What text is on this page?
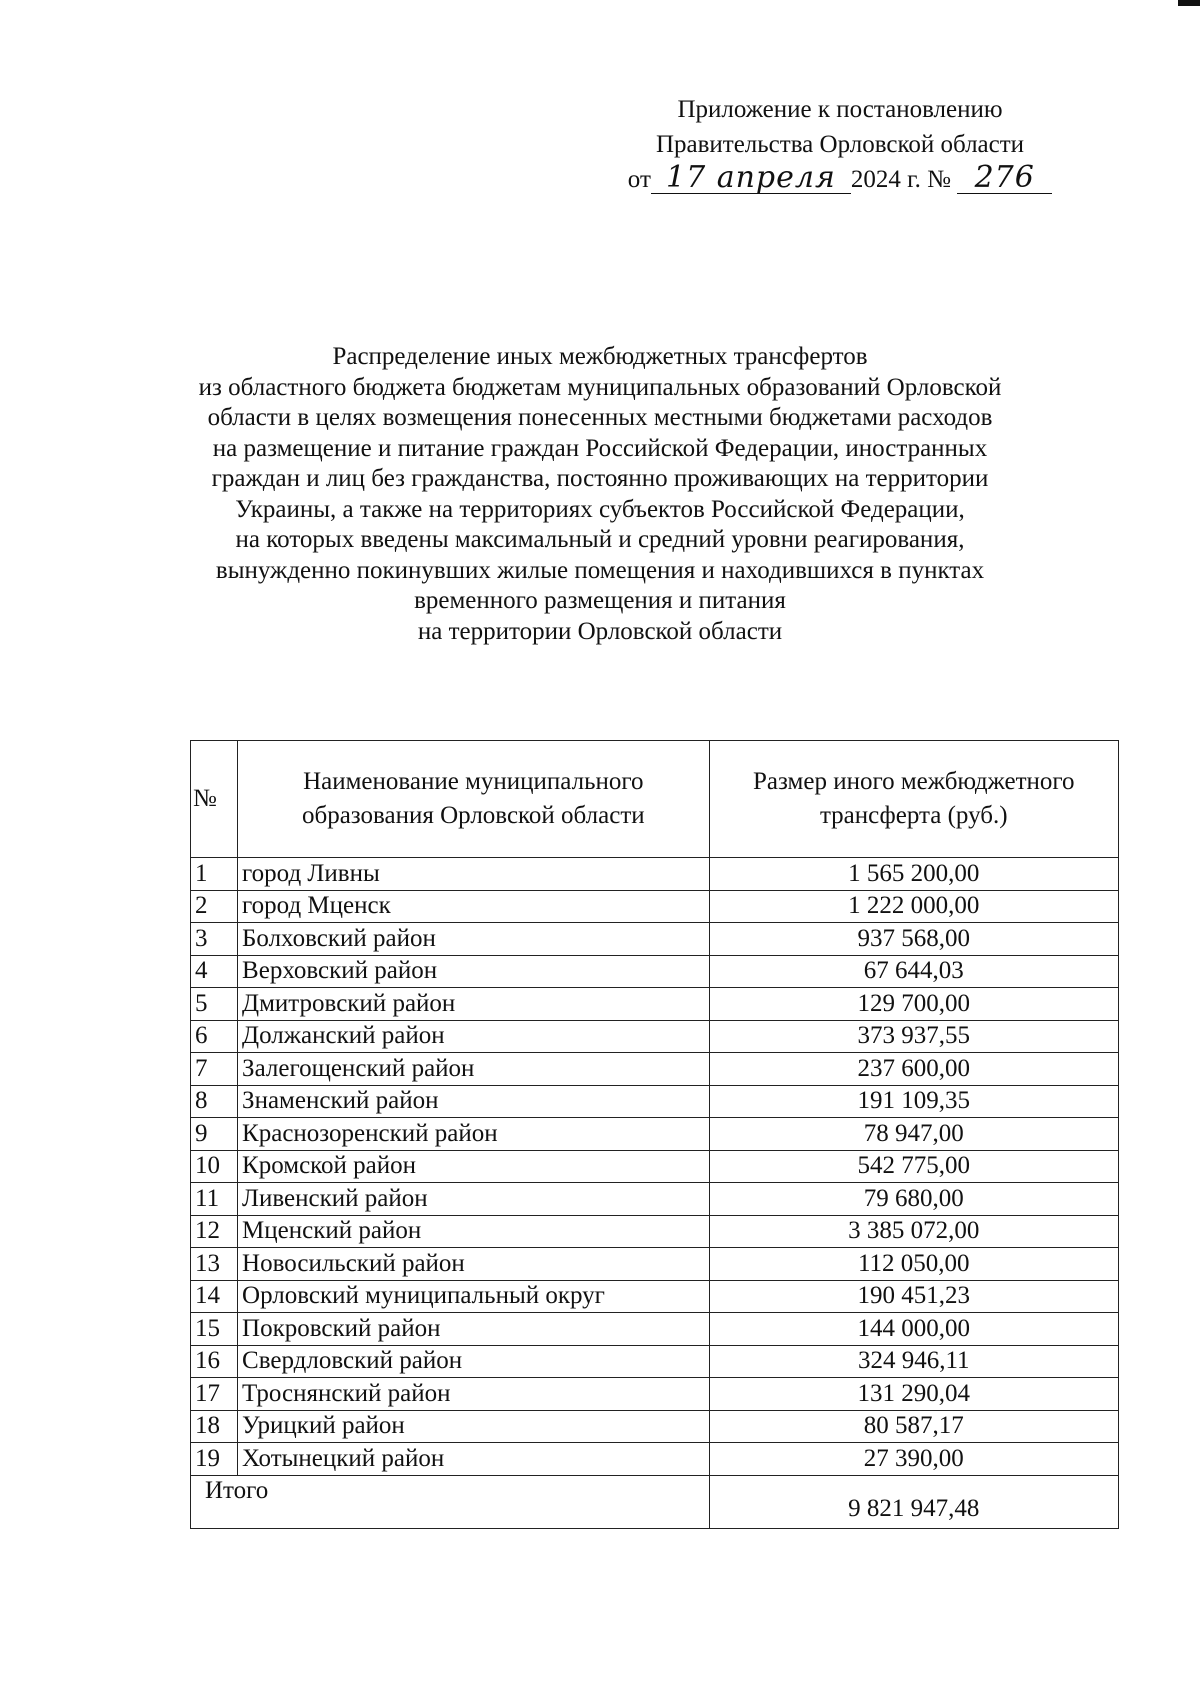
Приложение к постановлению
Правительства Орловской области
от 17 апреля 2024 г. № 276
Распределение иных межбюджетных трансфертов
из областного бюджета бюджетам муниципальных образований Орловской
области в целях возмещения понесенных местными бюджетами расходов
на размещение и питание граждан Российской Федерации, иностранных
граждан и лиц без гражданства, постоянно проживающих на территории
Украины, а также на территориях субъектов Российской Федерации,
на которых введены максимальный и средний уровни реагирования,
вынужденно покинувших жилые помещения и находившихся в пунктах
временного размещения и питания
на территории Орловской области
№	Наименование муниципального образования Орловской области	Размер иного межбюджетного трансферта (руб.)
1	город Ливны	1 565 200,00
2	город Мценск	1 222 000,00
3	Болховский район	937 568,00
4	Верховский район	67 644,03
5	Дмитровский район	129 700,00
6	Должанский район	373 937,55
7	Залегощенский район	237 600,00
8	Знаменский район	191 109,35
9	Краснозоренский район	78 947,00
10	Кромской район	542 775,00
11	Ливенский район	79 680,00
12	Мценский район	3 385 072,00
13	Новосильский район	112 050,00
14	Орловский муниципальный округ	190 451,23
15	Покровский район	144 000,00
16	Свердловский район	324 946,11
17	Троснянский район	131 290,04
18	Урицкий район	80 587,17
19	Хотынецкий район	27 390,00
Итого		9 821 947,48
